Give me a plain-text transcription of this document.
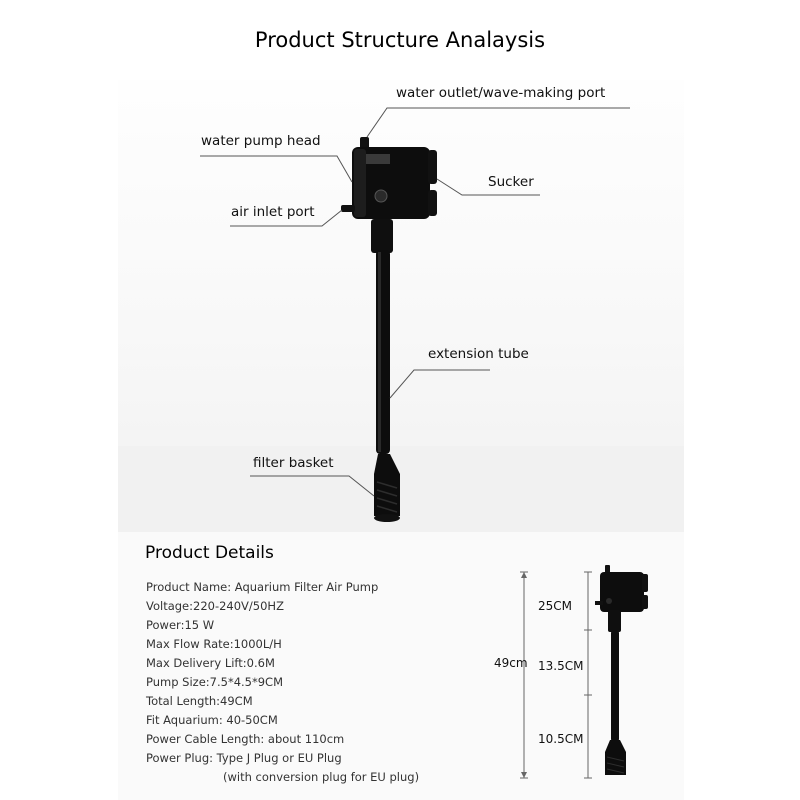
Product Structure Analaysis
water outlet/wave-making port
water pump head
Sucker
air inlet port
extension tube
filter basket
Product Details
Product Name: Aquarium Filter Air Pump
Voltage:220-240V/50HZ
Power:15 W
Max Flow Rate:1000L/H
Max Delivery Lift:0.6M
Pump Size:7.5*4.5*9CM
Total Length:49CM
Fit Aquarium: 40-50CM
Power Cable Length: about 110cm
Power Plug: Type J Plug or EU Plug
(with conversion plug for EU plug)
49cm
25CM
13.5CM
10.5CM
